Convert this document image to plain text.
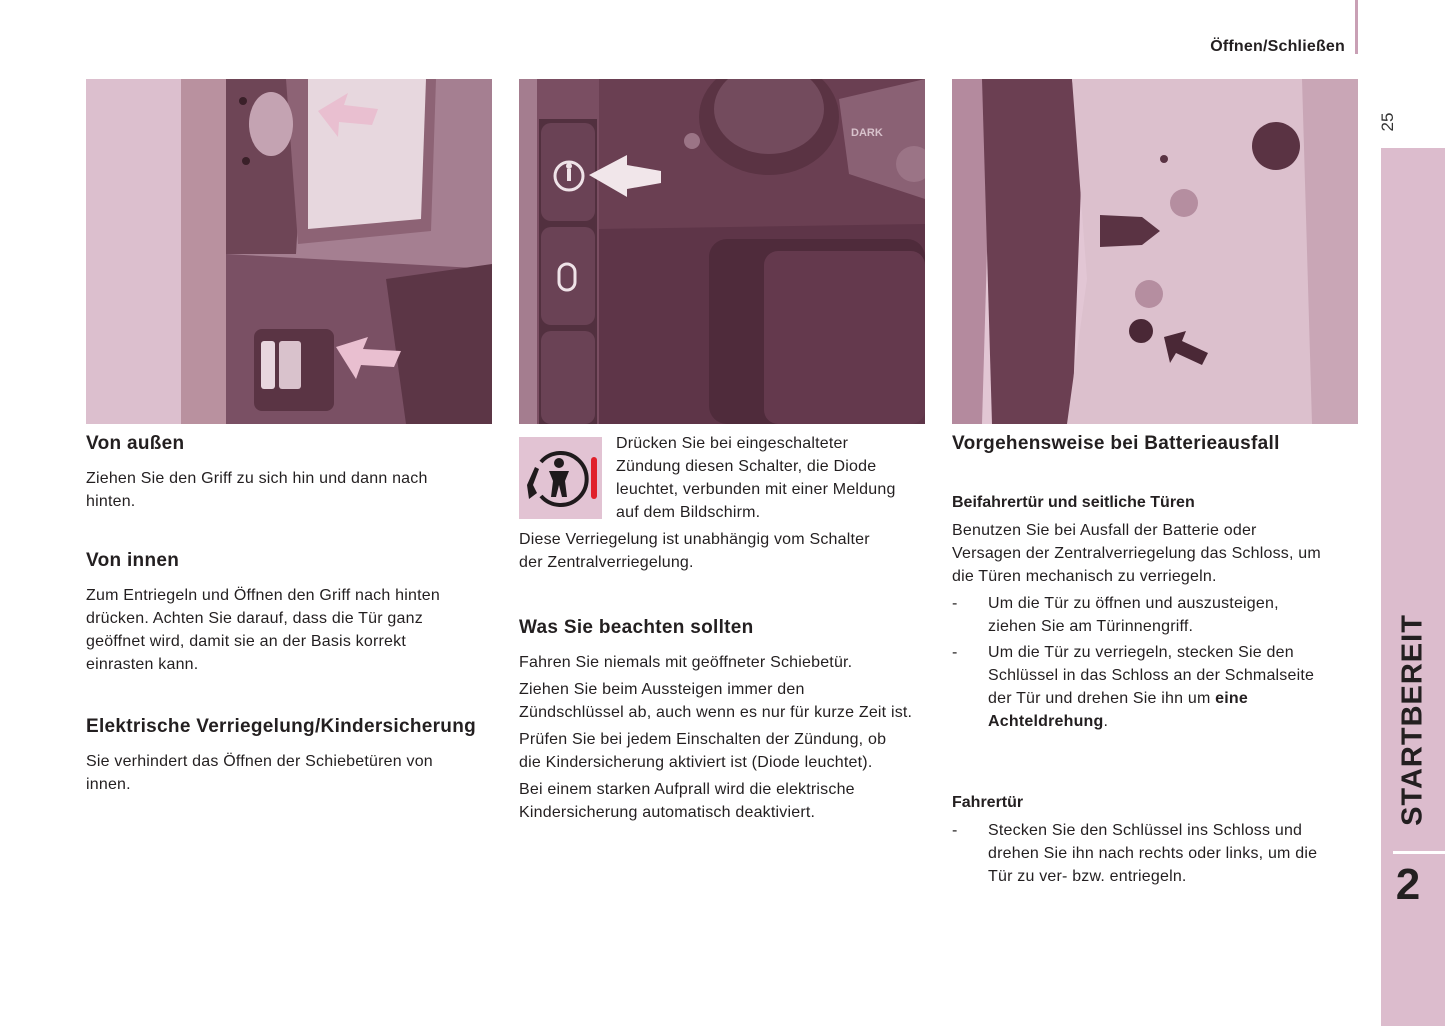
Öffnen/Schließen
25
STARTBEREIT
2
DARK
Von außen
Ziehen Sie den Griff zu sich hin und dann nach
hinten.
Von innen
Zum Entriegeln und Öffnen den Griff nach hinten
drücken. Achten Sie darauf, dass die Tür ganz
geöffnet wird, damit sie an der Basis korrekt
einrasten kann.
Elektrische Verriegelung/Kindersicherung
Sie verhindert das Öffnen der Schiebetüren von
innen.
Drücken Sie bei eingeschalteter
Zündung diesen Schalter, die Diode
leuchtet, verbunden mit einer Meldung
auf dem Bildschirm.
Diese Verriegelung ist unabhängig vom Schalter
der Zentralverriegelung.
Was Sie beachten sollten
Fahren Sie niemals mit geöffneter Schiebetür.
Ziehen Sie beim Aussteigen immer den
Zündschlüssel ab, auch wenn es nur für kurze Zeit ist.
Prüfen Sie bei jedem Einschalten der Zündung, ob
die Kindersicherung aktiviert ist (Diode leuchtet).
Bei einem starken Aufprall wird die elektrische
Kindersicherung automatisch deaktiviert.
Vorgehensweise bei Batterieausfall
Beifahrertür und seitliche Türen
Benutzen Sie bei Ausfall der Batterie oder
Versagen der Zentralverriegelung das Schloss, um
die Türen mechanisch zu verriegeln.
- Um die Tür zu öffnen und auszusteigen,
ziehen Sie am Türinnengriff.
- Um die Tür zu verriegeln, stecken Sie den
Schlüssel in das Schloss an der Schmalseite
der Tür und drehen Sie ihn um eine
Achteldrehung.
Fahrertür
- Stecken Sie den Schlüssel ins Schloss und
drehen Sie ihn nach rechts oder links, um die
Tür zu ver- bzw. entriegeln.
